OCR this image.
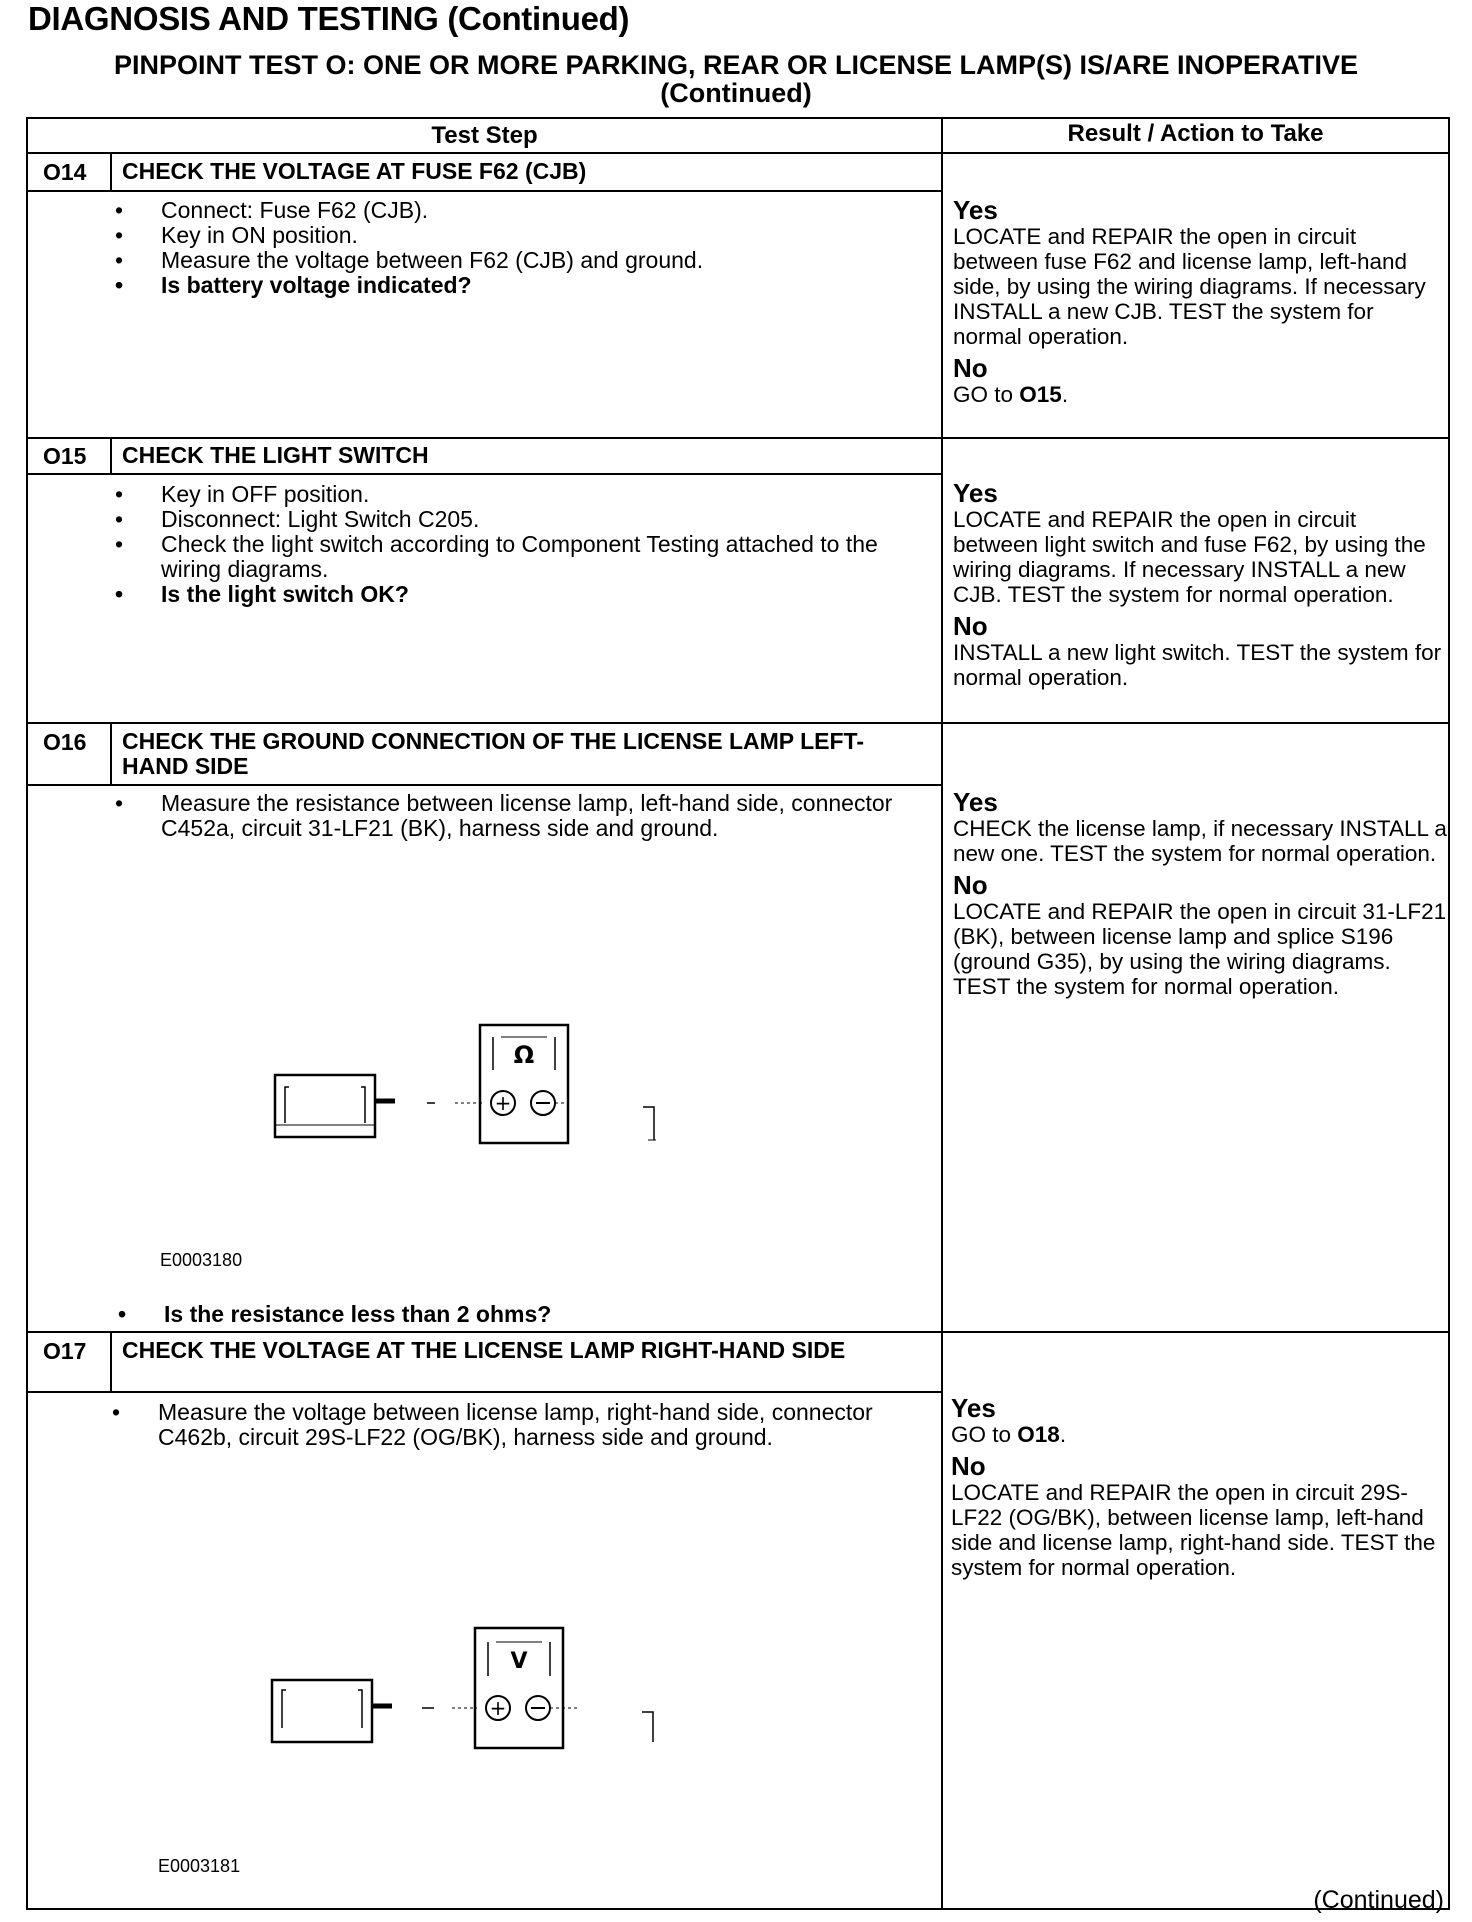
DIAGNOSIS AND TESTING (Continued)
PINPOINT TEST O: ONE OR MORE PARKING, REAR OR LICENSE LAMP(S) IS/ARE INOPERATIVE
(Continued)
Test Step	Result / Action to Take
O14 CHECK THE VOLTAGE AT FUSE F62 (CJB)
• Connect: Fuse F62 (CJB).
• Key in ON position.
• Measure the voltage between F62 (CJB) and ground.
• Is battery voltage indicated?
Yes

LOCATE and REPAIR the open in circuit between fuse F62 and license lamp, left-hand side, by using the wiring diagrams. If necessary INSTALL a new CJB. TEST the system for normal operation.

No

GO to O15.

O15 CHECK THE LIGHT SWITCH
• Key in OFF position.
• Disconnect: Light Switch C205.
• Check the light switch according to Component Testing attached to the wiring diagrams.
• Is the light switch OK?
Yes

LOCATE and REPAIR the open in circuit between light switch and fuse F62, by using the wiring diagrams. If necessary INSTALL a new CJB. TEST the system for normal operation.

No

INSTALL a new light switch. TEST the system for normal operation.

O16 CHECK THE GROUND CONNECTION OF THE LICENSE LAMP LEFT-HAND SIDE
• Measure the resistance between license lamp, left-hand side, connector C452a, circuit 31-LF21 (BK), harness side and ground.
Ω
+
E0003180
• Is the resistance less than 2 ohms?
Yes

CHECK the license lamp, if necessary INSTALL a new one. TEST the system for normal operation.

No

LOCATE and REPAIR the open in circuit 31-LF21 (BK), between license lamp and splice S196 (ground G35), by using the wiring diagrams. TEST the system for normal operation.

O17 CHECK THE VOLTAGE AT THE LICENSE LAMP RIGHT-HAND SIDE
• Measure the voltage between license lamp, right-hand side, connector C462b, circuit 29S-LF22 (OG/BK), harness side and ground.
V
+
E0003181
Yes

GO to O18.

No

LOCATE and REPAIR the open in circuit 29S-LF22 (OG/BK), between license lamp, left-hand side and license lamp, right-hand side. TEST the system for normal operation.

(Continued)
